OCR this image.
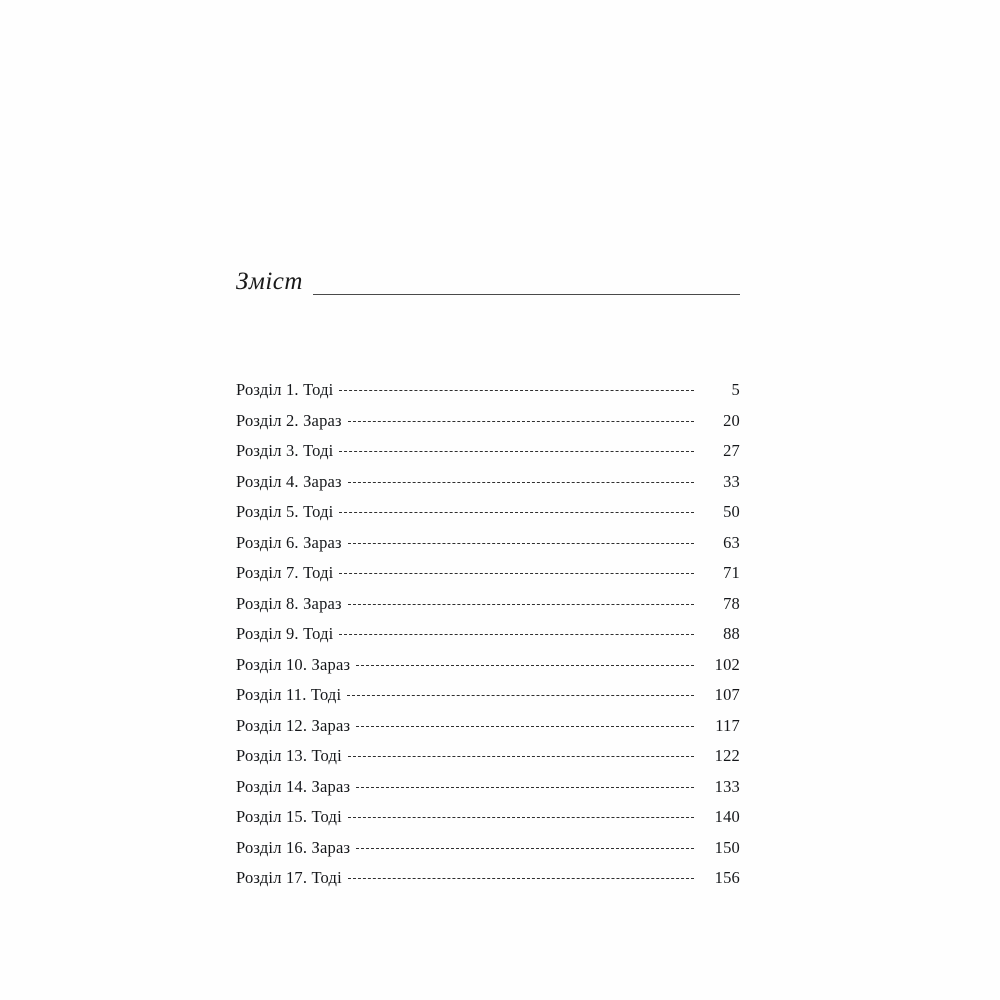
Зміст
Розділ 1. Тоді	5
Розділ 2. Зараз	20
Розділ 3. Тоді	27
Розділ 4. Зараз	33
Розділ 5. Тоді	50
Розділ 6. Зараз	63
Розділ 7. Тоді	71
Розділ 8. Зараз	78
Розділ 9. Тоді	88
Розділ 10. Зараз	102
Розділ 11. Тоді	107
Розділ 12. Зараз	117
Розділ 13. Тоді	122
Розділ 14. Зараз	133
Розділ 15. Тоді	140
Розділ 16. Зараз	150
Розділ 17. Тоді	156
